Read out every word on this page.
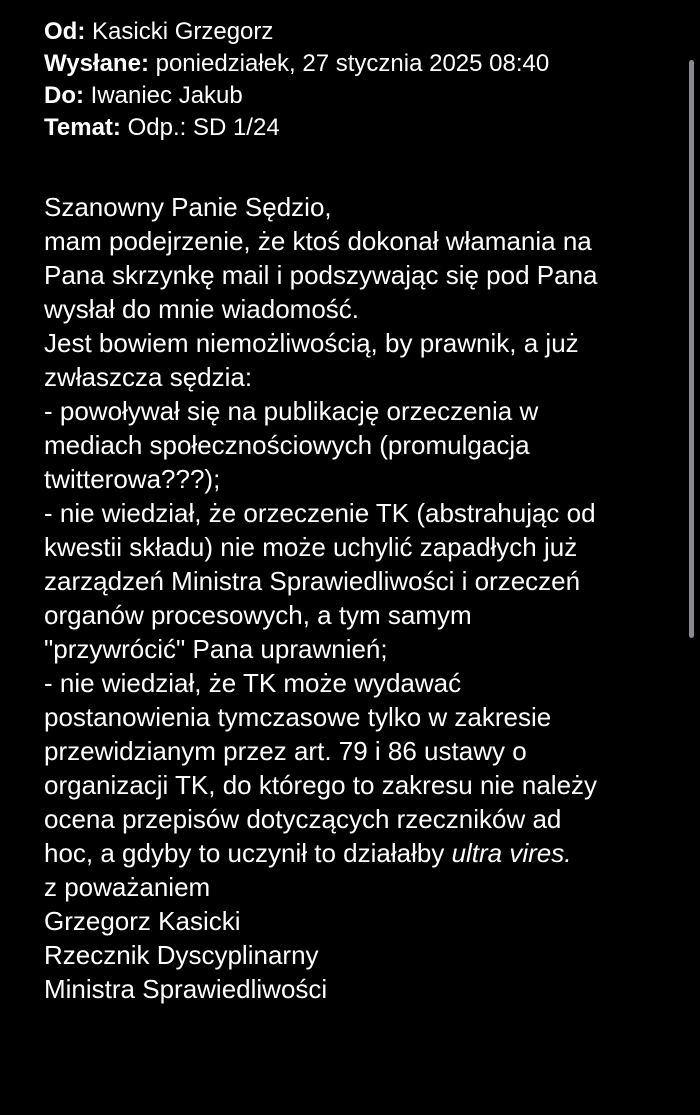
Od: Kasicki Grzegorz

Wysłane: poniedziałek, 27 stycznia 2025 08:40

Do: Iwaniec Jakub

Temat: Odp.: SD 1/24

Szanowny Panie Sędzio,

mam podejrzenie, że ktoś dokonał włamania na

Pana skrzynkę mail i podszywając się pod Pana

wysłał do mnie wiadomość.

Jest bowiem niemożliwością, by prawnik, a już

zwłaszcza sędzia:

- powoływał się na publikację orzeczenia w

mediach społecznościowych (promulgacja

twitterowa???);

- nie wiedział, że orzeczenie TK (abstrahując od

kwestii składu) nie może uchylić zapadłych już

zarządzeń Ministra Sprawiedliwości i orzeczeń

organów procesowych, a tym samym

"przywrócić" Pana uprawnień;

- nie wiedział, że TK może wydawać

postanowienia tymczasowe tylko w zakresie

przewidzianym przez art. 79 i 86 ustawy o

organizacji TK, do którego to zakresu nie należy

ocena przepisów dotyczących rzeczników ad

hoc, a gdyby to uczynił to działałby ultra vires.

z poważaniem

Grzegorz Kasicki

Rzecznik Dyscyplinarny

Ministra Sprawiedliwości
